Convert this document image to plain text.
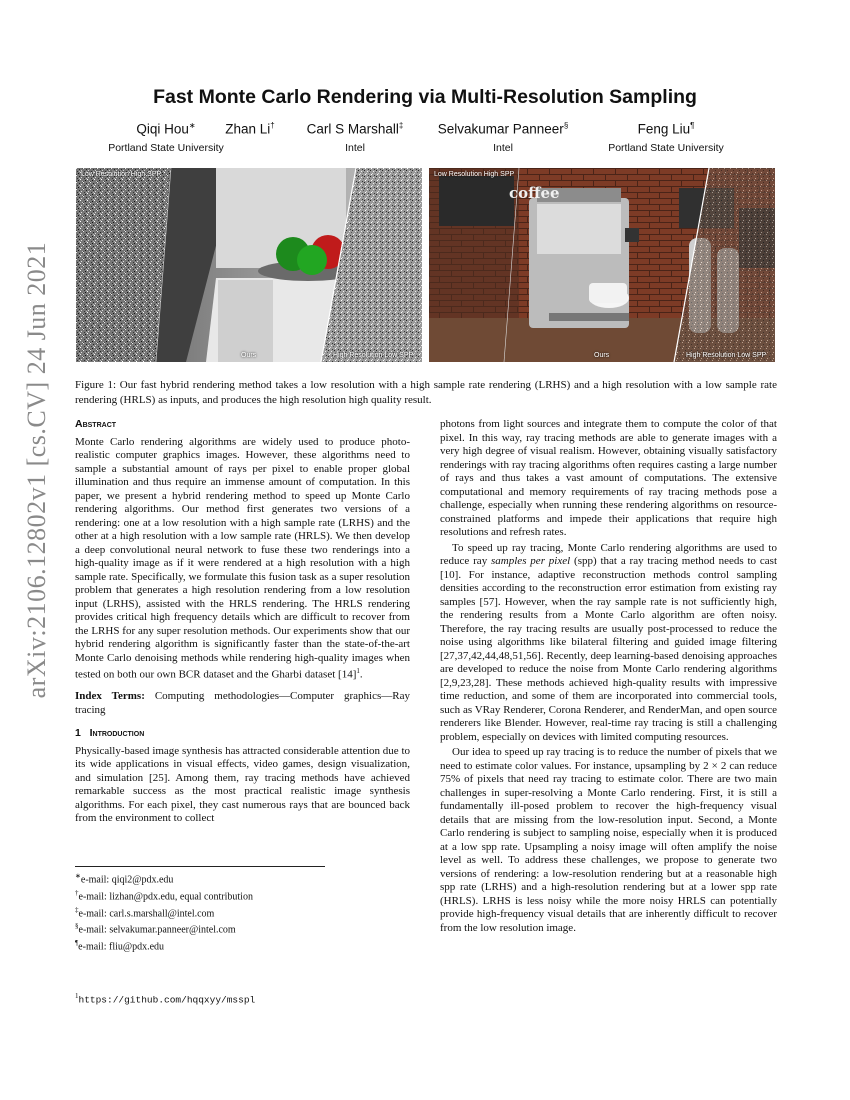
arXiv:2106.12802v1 [cs.CV] 24 Jun 2021
Fast Monte Carlo Rendering via Multi-Resolution Sampling
Qiqi Hou∗
Portland State University
Zhan Li†	Carl S Marshall‡
Intel
Selvakumar Panneer§
Intel
Feng Liu¶
Portland State University
Low Resolution High SPP
Ours	High Resolution Low SPP
coffee
Low Resolution High SPP
Ours	High Resolution Low SPP
Figure 1: Our fast hybrid rendering method takes a low resolution with a high sample rate rendering (LRHS) and a high resolution with a low sample rate rendering (HRLS) as inputs, and produces the high resolution high quality result.
Abstract

Monte Carlo rendering algorithms are widely used to produce photo-realistic computer graphics images. However, these algorithms need to sample a substantial amount of rays per pixel to enable proper global illumination and thus require an immense amount of computation. In this paper, we present a hybrid rendering method to speed up Monte Carlo rendering algorithms. Our method first generates two versions of a rendering: one at a low resolution with a high sample rate (LRHS) and the other at a high resolution with a low sample rate (HRLS). We then develop a deep convolutional neural network to fuse these two renderings into a high-quality image as if it were rendered at a high resolution with a high sample rate. Specifically, we formulate this fusion task as a super resolution problem that generates a high resolution rendering from a low resolution input (LRHS), assisted with the HRLS rendering. The HRLS rendering provides critical high frequency details which are difficult to recover from the LRHS for any super resolution methods. Our experiments show that our hybrid rendering algorithm is significantly faster than the state-of-the-art Monte Carlo denoising methods while rendering high-quality images when tested on both our own BCR dataset and the Gharbi dataset $[14]^1$.

Index Terms: Computing methodologies—Computer graphics—Ray tracing

1 Introduction

Physically-based image synthesis has attracted considerable attention due to its wide applications in visual effects, video games, design visualization, and simulation [25]. Among them, ray tracing methods have achieved remarkable success as the most practical realistic image synthesis algorithms. For each pixel, they cast numerous rays that are bounced back from the environment to collect

∗e-mail: qiqi2@pdx.edu
†e-mail: lizhan@pdx.edu, equal contribution
‡e-mail: carl.s.marshall@intel.com
§e-mail: selvakumar.panneer@intel.com
¶e-mail: fliu@pdx.edu
$^1$https://github.com/hqqxyy/msspl

photons from light sources and integrate them to compute the color of that pixel. In this way, ray tracing methods are able to generate images with a very high degree of visual realism. However, obtaining visually satisfactory renderings with ray tracing algorithms often requires casting a large number of rays and thus takes a vast amount of computations. The extensive computational and memory requirements of ray tracing methods pose a challenge, especially when running these rendering algorithms on resource-constrained platforms and impede their applications that require high resolutions and refresh rates.

To speed up ray tracing, Monte Carlo rendering algorithms are used to reduce ray samples per pixel (spp) that a ray tracing method needs to cast [10]. For instance, adaptive reconstruction methods control sampling densities according to the reconstruction error estimation from existing ray samples [57]. However, when the ray sample rate is not sufficiently high, the rendering results from a Monte Carlo algorithm are often noisy. Therefore, the ray tracing results are usually post-processed to reduce the noise using algorithms like bilateral filtering and guided image filtering [27,37,42,44,48,51,56]. Recently, deep learning-based denoising approaches are developed to reduce the noise from Monte Carlo rendering algorithms [2,9,23,28]. These methods achieved high-quality results with impressive time reduction, and some of them are incorporated into commercial tools, such as VRay Renderer, Corona Renderer, and RenderMan, and open source renderers like Blender. However, real-time ray tracing is still a challenging problem, especially on devices with limited computing resources.

Our idea to speed up ray tracing is to reduce the number of pixels that we need to estimate color values. For instance, upsampling by 2 × 2 can reduce 75% of pixels that need ray tracing to estimate color. There are two main challenges in super-resolving a Monte Carlo rendering. First, it is still a fundamentally ill-posed problem to recover the high-frequency visual details that are missing from the low-resolution input. Second, a Monte Carlo rendering is subject to sampling noise, especially when it is produced at a low spp rate. Upsampling a noisy image will often amplify the noise level as well. To address these challenges, we propose to generate two versions of rendering: a low-resolution rendering but at a reasonable high spp rate (LRHS) and a high-resolution rendering but at a lower spp rate (HRLS). LRHS is less noisy while the more noisy HRLS can potentially provide high-frequency visual details that are inherently difficult to recover from the low resolution image.
